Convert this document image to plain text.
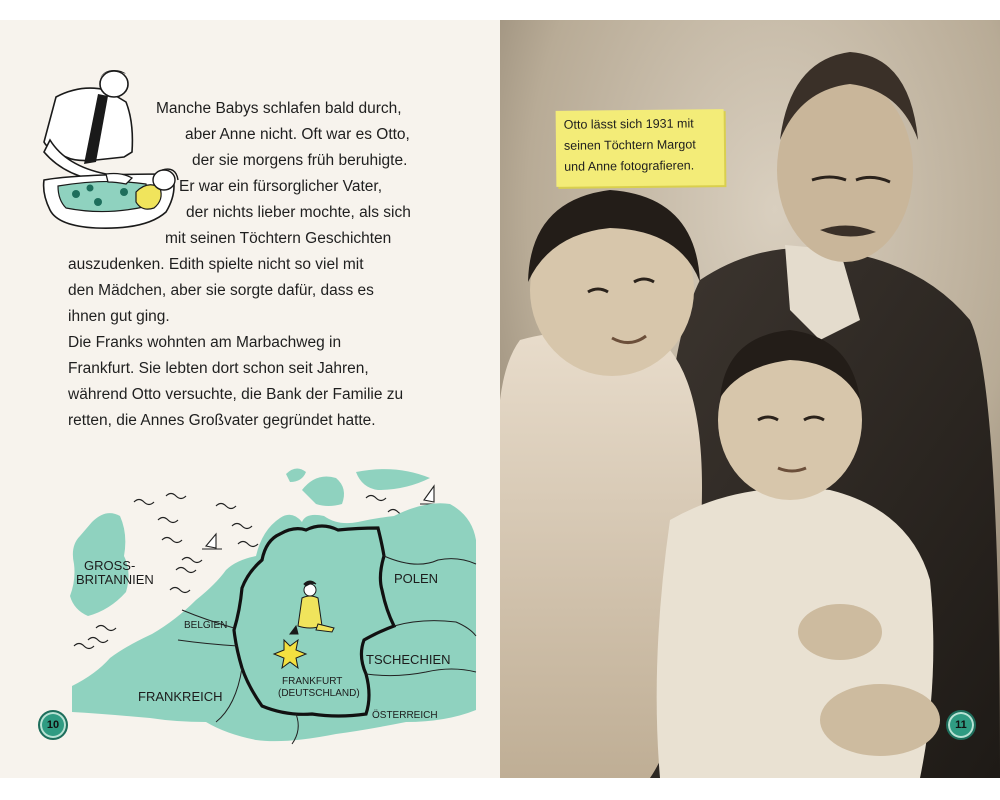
Manche Babys schlafen bald durch,
aber Anne nicht. Oft war es Otto,
der sie morgens früh beruhigte.
Er war ein fürsorglicher Vater,
der nichts lieber mochte, als sich
mit seinen Töchtern Geschichten
auszudenken. Edith spielte nicht so viel mit
den Mädchen, aber sie sorgte dafür, dass es
ihnen gut ging.
Die Franks wohnten am Marbachweg in
Frankfurt. Sie lebten dort schon seit Jahren,
während Otto versuchte, die Bank der Familie zu
retten, die Annes Großvater gegründet hatte.
GROSS-
BRITANNIEN	POLEN
BELGIEN
TSCHECHIEN
FRANKREICH
FRANKFURT
(DEUTSCHLAND)
ÖSTERREICH
10
Otto lässt sich 1931 mit
seinen Töchtern Margot
und Anne fotografieren.
11
